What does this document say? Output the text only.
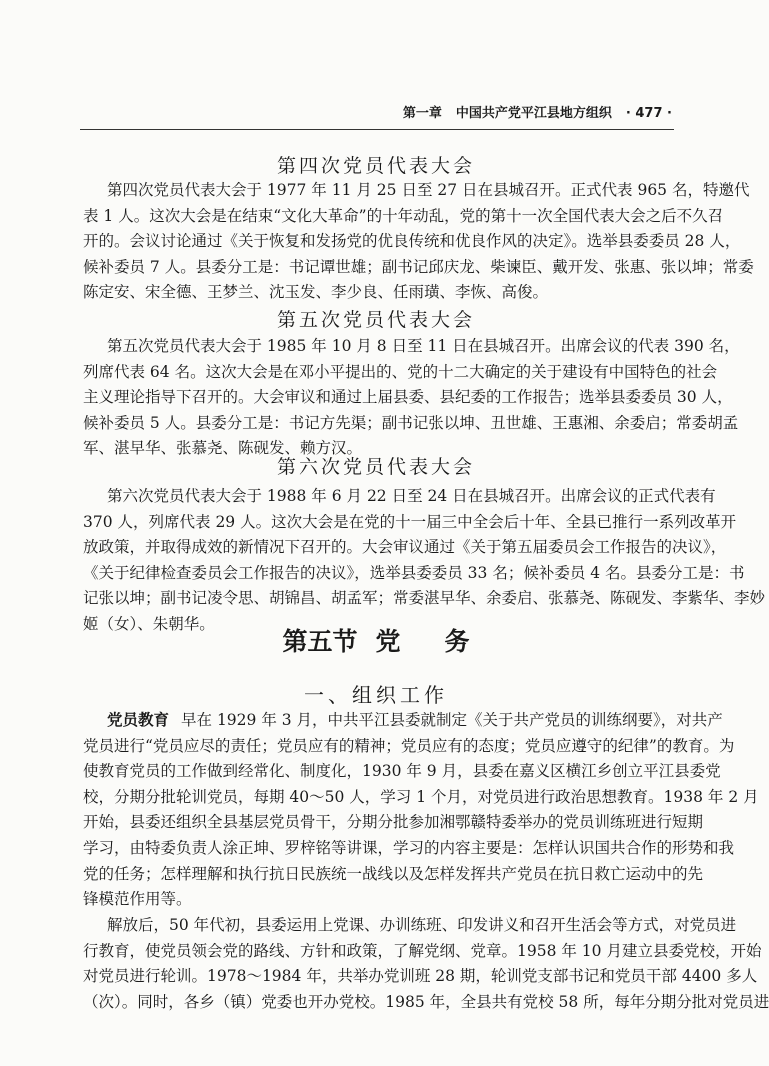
第一章 中国共产党平江县地方组织 · 477 ·
第四次党员代表大会
第四次党员代表大会于 1977 年 11 月 25 日至 27 日在县城召开。正式代表 965 名，特邀代
表 1 人。这次大会是在结束“文化大革命”的十年动乱，党的第十一次全国代表大会之后不久召
开的。会议讨论通过《关于恢复和发扬党的优良传统和优良作风的决定》。选举县委委员 28 人，
候补委员 7 人。县委分工是：书记谭世雄；副书记邱庆龙、柴谏臣、戴开发、张惠、张以坤；常委
陈定安、宋全德、王梦兰、沈玉发、李少良、任雨璜、李恢、高俊。
第五次党员代表大会
第五次党员代表大会于 1985 年 10 月 8 日至 11 日在县城召开。出席会议的代表 390 名，
列席代表 64 名。这次大会是在邓小平提出的、党的十二大确定的关于建设有中国特色的社会
主义理论指导下召开的。大会审议和通过上届县委、县纪委的工作报告；选举县委委员 30 人，
候补委员 5 人。县委分工是：书记方先渠；副书记张以坤、丑世雄、王惠湘、余委启；常委胡孟
军、湛早华、张慕尧、陈砚发、赖方汉。
第六次党员代表大会
第六次党员代表大会于 1988 年 6 月 22 日至 24 日在县城召开。出席会议的正式代表有
370 人，列席代表 29 人。这次大会是在党的十一届三中全会后十年、全县已推行一系列改革开
放政策，并取得成效的新情况下召开的。大会审议通过《关于第五届委员会工作报告的决议》，
《关于纪律检查委员会工作报告的决议》，选举县委委员 33 名；候补委员 4 名。县委分工是：书
记张以坤；副书记凌令思、胡锦昌、胡孟军；常委湛早华、余委启、张慕尧、陈砚发、李紫华、李妙
姬（女）、朱朝华。
第五节 党 务
一、组织工作
党员教育 早在 1929 年 3 月，中共平江县委就制定《关于共产党员的训练纲要》，对共产
党员进行“党员应尽的责任；党员应有的精神；党员应有的态度；党员应遵守的纪律”的教育。为
使教育党员的工作做到经常化、制度化，1930 年 9 月，县委在嘉义区横江乡创立平江县委党
校，分期分批轮训党员，每期 40～50 人，学习 1 个月，对党员进行政治思想教育。1938 年 2 月
开始，县委还组织全县基层党员骨干，分期分批参加湘鄂赣特委举办的党员训练班进行短期
学习，由特委负责人涂正坤、罗梓铭等讲课，学习的内容主要是：怎样认识国共合作的形势和我
党的任务；怎样理解和执行抗日民族统一战线以及怎样发挥共产党员在抗日救亡运动中的先
锋模范作用等。
解放后，50 年代初，县委运用上党课、办训练班、印发讲义和召开生活会等方式，对党员进
行教育，使党员领会党的路线、方针和政策，了解党纲、党章。1958 年 10 月建立县委党校，开始
对党员进行轮训。1978～1984 年，共举办党训班 28 期，轮训党支部书记和党员干部 4400 多人
（次）。同时，各乡（镇）党委也开办党校。1985 年，全县共有党校 58 所，每年分期分批对党员进
